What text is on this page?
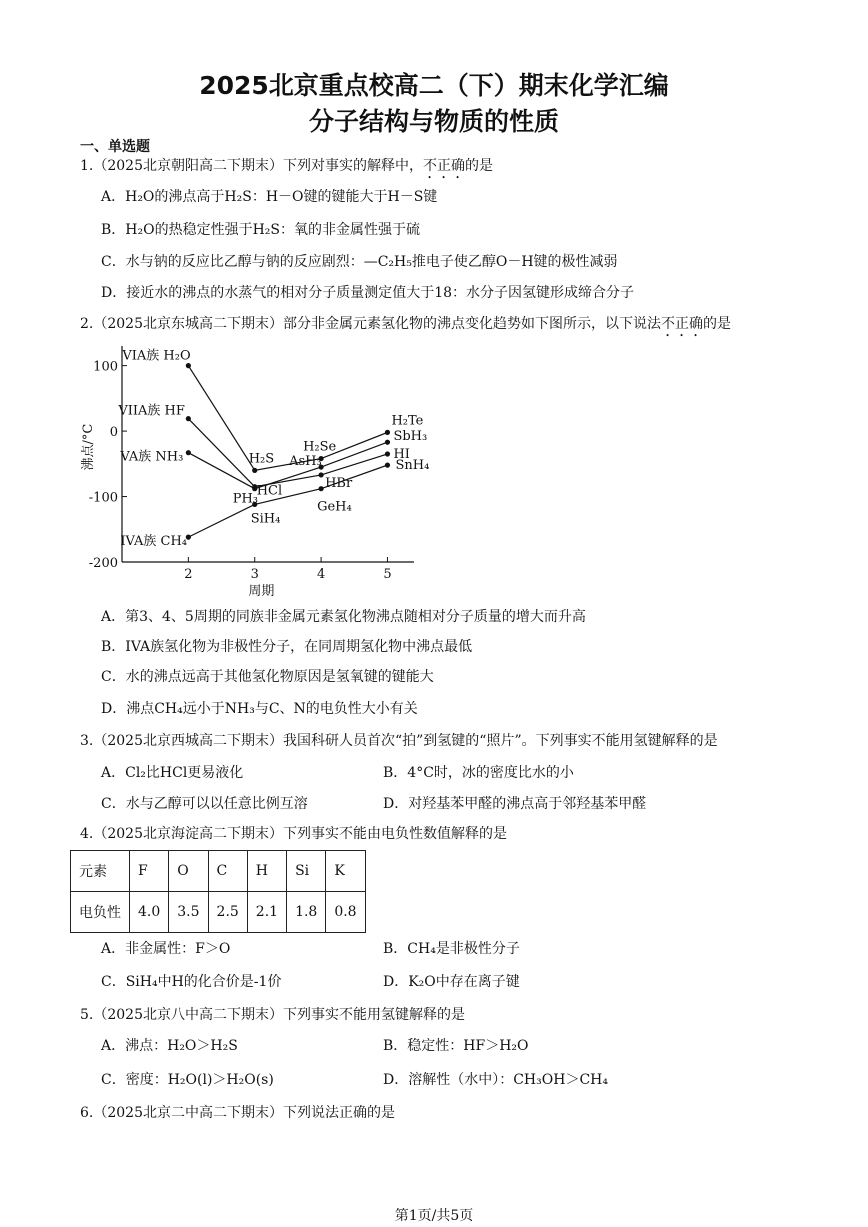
2025北京重点校高二（下）期末化学汇编
分子结构与物质的性质
一、单选题
1.（2025北京朝阳高二下期末）下列对事实的解释中，不正确的是
A．H₂O的沸点高于H₂S：H－O键的键能大于H－S键
B．H₂O的热稳定性强于H₂S：氧的非金属性强于硫
C．水与钠的反应比乙醇与钠的反应剧烈：—C₂H₅推电子使乙醇O－H键的极性减弱
D．接近水的沸点的水蒸气的相对分子质量测定值大于18：水分子因氢键形成缔合分子
2.（2025北京东城高二下期末）部分非金属元素氢化物的沸点变化趋势如下图所示，以下说法不正确的是
100
0
-100
-200
2	3	4	5
周期
沸点/°C
VIA族 H₂O
H₂S
H₂Se
H₂Te
VIIA族 HF
HCl
HBr
HI
VA族 NH₃
PH₃
AsH₃
SbH₃
IVA族 CH₄
SiH₄
GeH₄
SnH₄
A．第3、4、5周期的同族非金属元素氢化物沸点随相对分子质量的增大而升高
B．IVA族氢化物为非极性分子，在同周期氢化物中沸点最低
C．水的沸点远高于其他氢化物原因是氢氧键的键能大
D．沸点CH₄远小于NH₃与C、N的电负性大小有关
3.（2025北京西城高二下期末）我国科研人员首次“拍”到氢键的“照片”。下列事实不能用氢键解释的是
A．Cl₂比HCl更易液化	B．4°C时，冰的密度比水的小
C．水与乙醇可以以任意比例互溶	D．对羟基苯甲醛的沸点高于邻羟基苯甲醛
4.（2025北京海淀高二下期末）下列事实不能由电负性数值解释的是
元素	F	O	C	H	Si	K
电负性	4.0	3.5	2.5	2.1	1.8	0.8
A．非金属性：F＞O	B．CH₄是非极性分子
C．SiH₄中H的化合价是-1价	D．K₂O中存在离子键
5.（2025北京八中高二下期末）下列事实不能用氢键解释的是
A．沸点：H₂O＞H₂S	B．稳定性：HF＞H₂O
C．密度：H₂O(l)＞H₂O(s)	D．溶解性（水中）：CH₃OH＞CH₄
6.（2025北京二中高二下期末）下列说法正确的是
第1页/共5页
